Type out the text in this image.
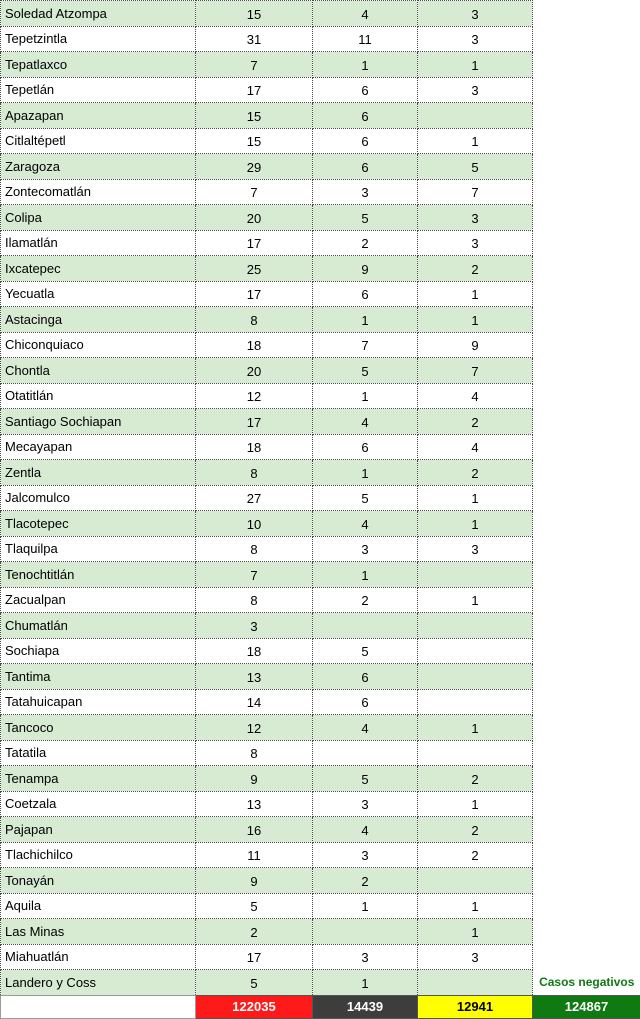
Soledad Atzompa	15	4	3	
Tepetzintla	31	11	3	
Tepatlaxco	7	1	1	
Tepetlán	17	6	3	
Apazapan	15	6		
Citlaltépetl	15	6	1	
Zaragoza	29	6	5	
Zontecomatlán	7	3	7	
Colipa	20	5	3	
Ilamatlán	17	2	3	
Ixcatepec	25	9	2	
Yecuatla	17	6	1	
Astacinga	8	1	1	
Chiconquiaco	18	7	9	
Chontla	20	5	7	
Otatitlán	12	1	4	
Santiago Sochiapan	17	4	2	
Mecayapan	18	6	4	
Zentla	8	1	2	
Jalcomulco	27	5	1	
Tlacotepec	10	4	1	
Tlaquilpa	8	3	3	
Tenochtitlán	7	1		
Zacualpan	8	2	1	
Chumatlán	3			
Sochiapa	18	5		
Tantima	13	6		
Tatahuicapan	14	6		
Tancoco	12	4	1	
Tatatila	8			
Tenampa	9	5	2	
Coetzala	13	3	1	
Pajapan	16	4	2	
Tlachichilco	11	3	2	
Tonayán	9	2		
Aquila	5	1	1	
Las Minas	2		1	
Miahuatlán	17	3	3	
Landero y Coss	5	1		Casos negativos
	122035	14439	12941	124867
